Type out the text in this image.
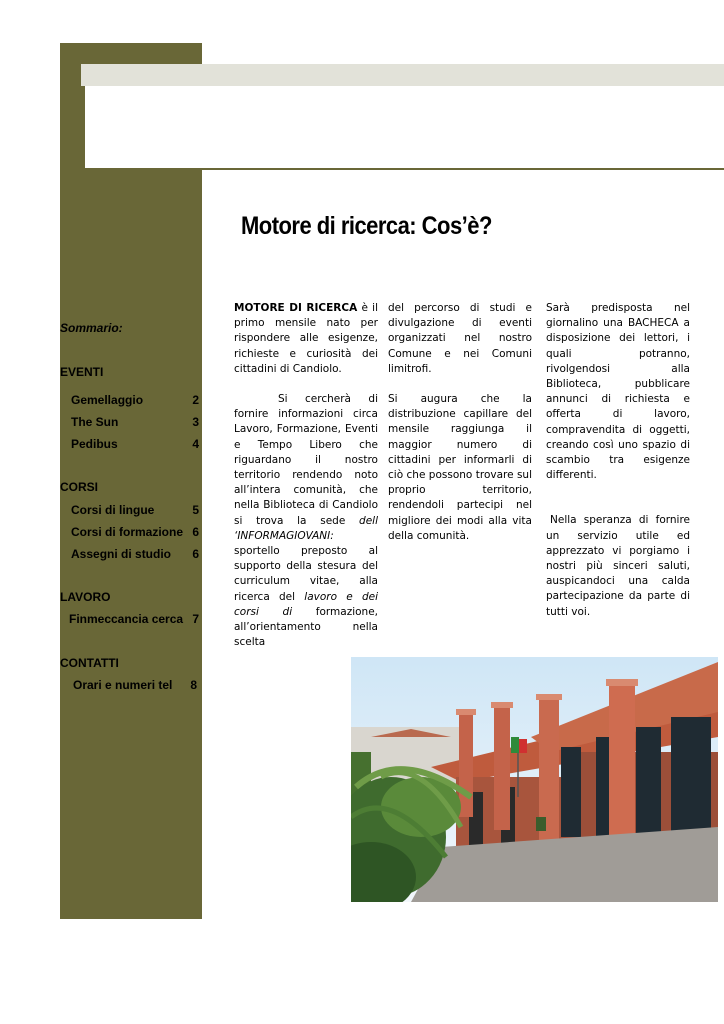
Motore di ricerca: Cos’è?
Sommario:
EVENTI
Gemellaggio	2
The Sun	3
Pedibus	4
CORSI
Corsi di lingue	5
Corsi di formazione 6
Assegni di studio 6
LAVORO
Finmeccancia cerca 7
CONTATTI
Orari e numeri tel 8

MOTORE DI RICERCA è il primo mensile nato per rispondere alle esigenze, richieste e curiosità dei cittadini di Candiolo.

Si cercherà di fornire informazioni circa Lavoro, Formazione, Eventi e Tempo Libero che riguardano il nostro territorio rendendo noto all’intera comunità, che nella Biblioteca di Candiolo si trova la sede dell ‘INFORMAGIOVANI: sportello preposto al supporto della stesura del curriculum vitae, alla ricerca del lavoro e dei corsi di formazione, all’orientamento nella scelta

del percorso di studi e divulgazione di eventi organizzati nel nostro Comune e nei Comuni limitrofi.

Si augura che la distribuzione capillare del mensile raggiunga il maggior numero di cittadini per informarli di ciò che possono trovare sul proprio territorio, rendendoli partecipi nel migliore dei modi alla vita della comunità.

Sarà predisposta nel giornalino una BACHECA a disposizione dei lettori, i quali potranno, rivolgendosi alla Biblioteca, pubblicare annunci di richiesta e offerta di lavoro, compravendita di oggetti, creando così uno spazio di scambio tra esigenze differenti.

Nella speranza di fornire un servizio utile ed apprezzato vi porgiamo i nostri più sinceri saluti, auspicandoci una calda partecipazione da parte di tutti voi.
